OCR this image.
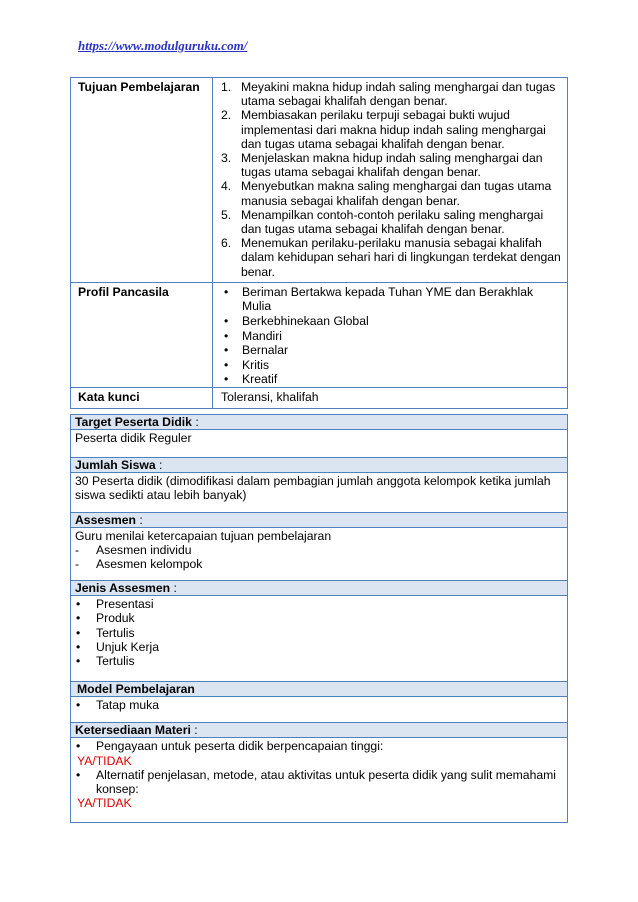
https://www.modulguruku.com/
Tujuan Pembelajaran	1. Meyakini makna hidup indah saling menghargai dan tugas utama sebagai khalifah dengan benar.
2. Membiasakan perilaku terpuji sebagai bukti wujud implementasi dari makna hidup indah saling menghargai dan tugas utama sebagai khalifah dengan benar.
3. Menjelaskan makna hidup indah saling menghargai dan tugas utama sebagai khalifah dengan benar.
4. Menyebutkan makna saling menghargai dan tugas utama manusia sebagai khalifah dengan benar.
5. Menampilkan contoh-contoh perilaku saling menghargai dan tugas utama sebagai khalifah dengan benar.
6. Menemukan perilaku-perilaku manusia sebagai khalifah dalam kehidupan sehari hari di lingkungan terdekat dengan benar.
Profil Pancasila
•	Beriman Bertakwa kepada Tuhan YME dan Berakhlak Mulia
• Berkebhinekaan Global
• Mandiri
• Bernalar
• Kritis
• Kreatif
Kata kunci	Toleransi, khalifah
Target Peserta Didik :
Peserta didik Reguler
Jumlah Siswa :
30 Peserta didik (dimodifikasi dalam pembagian jumlah anggota kelompok ketika jumlah siswa sedikti atau lebih banyak)
Assesmen :
Guru menilai ketercapaian tujuan pembelajaran
- Asesmen individu
- Asesmen kelompok
Jenis Assesmen :
• Presentasi
• Produk
• Tertulis
• Unjuk Kerja
• Tertulis
Model Pembelajaran
• Tatap muka
Ketersediaan Materi :
• Pengayaan untuk peserta didik berpencapaian tinggi:
YA/TIDAK
• Alternatif penjelasan, metode, atau aktivitas untuk peserta didik yang sulit memahami konsep:
YA/TIDAK
